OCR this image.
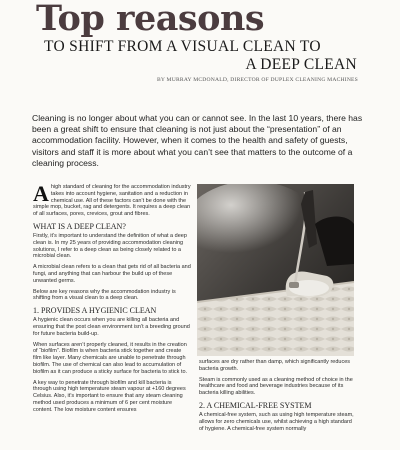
Top reasons
TO SHIFT FROM A VISUAL CLEAN TO
A DEEP CLEAN
BY MURRAY MCDONALD, DIRECTOR OF DUPLEX CLEANING MACHINES
Cleaning is no longer about what you can or cannot see. In the last 10 years, there has been a great shift to ensure that cleaning is not just about the “presentation” of an accommodation facility. However, when it comes to the health and safety of guests, visitors and staff it is more about what you can’t see that matters to the outcome of a cleaning process.

Ahigh standard of cleaning for the accommodation industry takes into account hygiene, sanitation and a reduction in chemical use. All of these factors can’t be done with the simple mop, bucket, rag and detergents. It requires a deep clean of all surfaces, pores, crevices, grout and fibres.

WHAT IS A DEEP CLEAN?

Firstly, it’s important to understand the definition of what a deep clean is. In my 25 years of providing accommodation cleaning solutions, I refer to a deep clean as being closely related to a microbial clean.

A microbial clean refers to a clean that gets rid of all bacteria and fungi, and anything that can harbour the build up of these unwanted germs.

Below are key reasons why the accommodation industry is shifting from a visual clean to a deep clean.

1. PROVIDES A HYGIENIC CLEAN

A hygienic clean occurs when you are killing all bacteria and ensuring that the post clean environment isn’t a breeding ground for future bacteria build-up.

When surfaces aren’t properly cleaned, it results in the creation of “biofilm”. Biofilm is when bacteria stick together and create film like layer. Many chemicals are unable to penetrate through biofilm. The use of chemical can also lead to accumulation of biofilm as it can produce a sticky surface for bacteria to stick to.

A key way to penetrate through biofilm and kill bacteria is through using high temperature steam vapour at +160 degrees Celsius. Also, it’s important to ensure that any steam cleaning method used produces a minimum of 6 per cent moisture content. The low moisture content ensures

surfaces are dry rather than damp, which significantly reduces bacteria growth.

Steam is commonly used as a cleaning method of choice in the healthcare and food and beverage industries because of its bacteria killing abilities.

2. A CHEMICAL-FREE SYSTEM

A chemical-free system, such as using high temperature steam, allows for zero chemicals use, whilst achieving a high standard of hygiene. A chemical-free system normally
